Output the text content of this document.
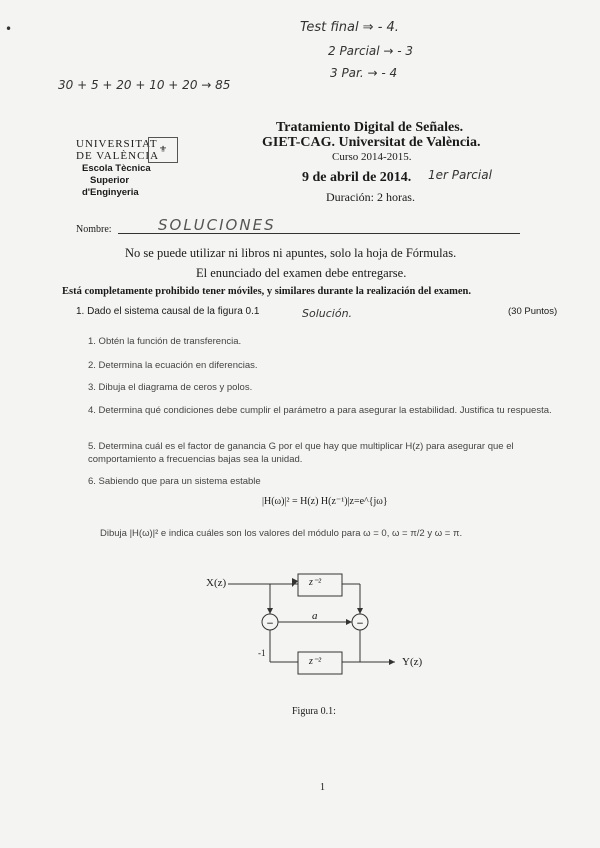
•	Test final ⇒ - 4.
2 Parcial → - 3
3 Par. → - 4
30 + 5 + 20 + 10 + 20 → 85
UNIVERSITAT
DE VALÈNCIA ⚜
Escola Tècnica
Superior
d'Enginyeria
Tratamiento Digital de Señales.
GIET-CAG. Universitat de València.
Curso 2014-2015.
9 de abril de 2014. 1er Parcial
Duración: 2 horas.
Nombre:	SOLUCIONES
No se puede utilizar ni libros ni apuntes, solo la hoja de Fórmulas.
El enunciado del examen debe entregarse.
Está completamente prohibido tener móviles, y similares durante la realización del examen.
1. Dado el sistema causal de la figura 0.1	Solución.	(30 Puntos)
1. Obtén la función de transferencia.
2. Determina la ecuación en diferencias.
3. Dibuja el diagrama de ceros y polos.
4. Determina qué condiciones debe cumplir el parámetro a para asegurar la estabilidad. Justifica tu respuesta.
5. Determina cuál es el factor de ganancia G por el que hay que multiplicar H(z) para asegurar que el comportamiento a frecuencias bajas sea la unidad.
6. Sabiendo que para un sistema estable
|H(ω)|² = H(z) H(z⁻¹)|z=e^{jω}
Dibuja |H(ω)|² e indica cuáles son los valores del módulo para ω = 0, ω = π/2 y ω = π.
−	−
X(z)	z⁻²
a
-1
z⁻²	Y(z)
Figura 0.1:
1
